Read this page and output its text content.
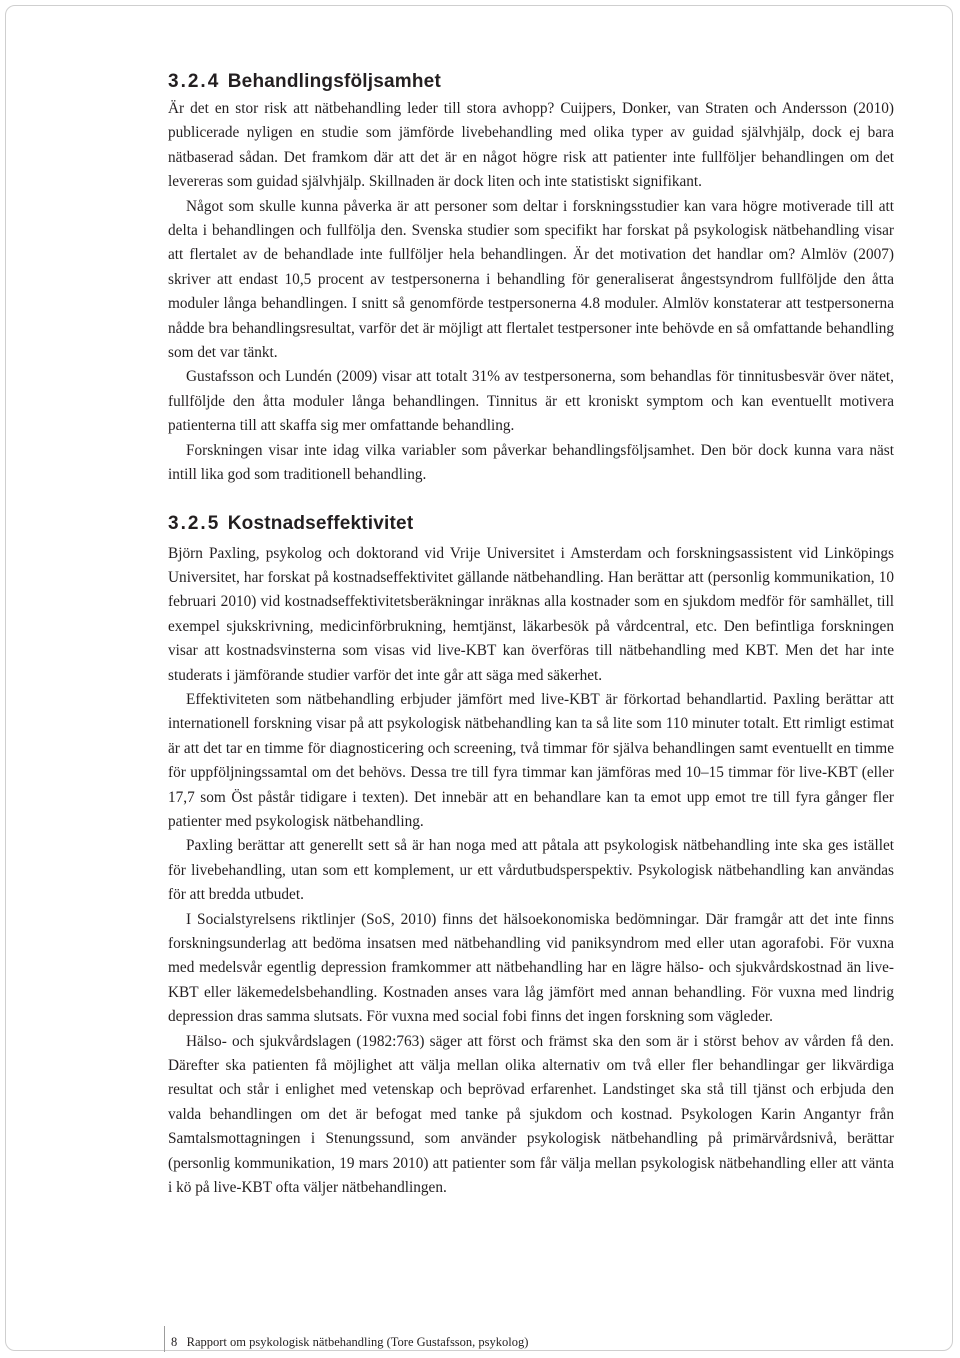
3.2.4 Behandlingsföljsamhet

Är det en stor risk att nätbehandling leder till stora avhopp? Cuijpers, Donker, van Straten och Andersson (2010) publicerade nyligen en studie som jämförde livebehandling med olika typer av guidad självhjälp, dock ej bara nätbaserad sådan. Det framkom där att det är en något högre risk att patienter inte fullföljer behandlingen om det levereras som guidad självhjälp. Skillnaden är dock liten och inte statistiskt signifikant.

Något som skulle kunna påverka är att personer som deltar i forskningsstudier kan vara högre motiverade till att delta i behandlingen och fullfölja den. Svenska studier som specifikt har forskat på psykologisk nätbehandling visar att flertalet av de behandlade inte fullföljer hela behandlingen. Är det motivation det handlar om? Almlöv (2007) skriver att endast 10,5 procent av testpersonerna i behandling för generaliserat ångestsyndrom fullföljde den åtta moduler långa behandlingen. I snitt så genomförde testpersonerna 4.8 moduler. Almlöv konstaterar att testpersonerna nådde bra behandlingsresultat, varför det är möjligt att flertalet testpersoner inte behövde en så omfattande behandling som det var tänkt.

Gustafsson och Lundén (2009) visar att totalt 31% av testpersonerna, som behandlas för tinnitusbesvär över nätet, fullföljde den åtta moduler långa behandlingen. Tinnitus är ett kroniskt symptom och kan eventuellt motivera patienterna till att skaffa sig mer omfattande behandling.

Forskningen visar inte idag vilka variabler som påverkar behandlingsföljsamhet. Den bör dock kunna vara näst intill lika god som traditionell behandling.

3.2.5 Kostnadseffektivitet

Björn Paxling, psykolog och doktorand vid Vrije Universitet i Amsterdam och forskningsassistent vid Linköpings Universitet, har forskat på kostnadseffektivitet gällande nätbehandling. Han berättar att (personlig kommunikation, 10 februari 2010) vid kostnadseffektivitetsberäkningar inräknas alla kostnader som en sjukdom medför för samhället, till exempel sjukskrivning, medicinförbrukning, hemtjänst, läkarbesök på vårdcentral, etc. Den befintliga forskningen visar att kostnadsvinsterna som visas vid live-KBT kan överföras till nätbehandling med KBT. Men det har inte studerats i jämförande studier varför det inte går att säga med säkerhet.

Effektiviteten som nätbehandling erbjuder jämfört med live-KBT är förkortad behandlartid. Paxling berättar att internationell forskning visar på att psykologisk nätbehandling kan ta så lite som 110 minuter totalt. Ett rimligt estimat är att det tar en timme för diagnosticering och screening, två timmar för själva behandlingen samt eventuellt en timme för uppföljningssamtal om det behövs. Dessa tre till fyra timmar kan jämföras med 10–15 timmar för live-KBT (eller 17,7 som Öst påstår tidigare i texten). Det innebär att en behandlare kan ta emot upp emot tre till fyra gånger fler patienter med psykologisk nätbehandling.

Paxling berättar att generellt sett så är han noga med att påtala att psykologisk nätbehandling inte ska ges istället för livebehandling, utan som ett komplement, ur ett vårdutbudsperspektiv. Psykologisk nätbehandling kan användas för att bredda utbudet.

I Socialstyrelsens riktlinjer (SoS, 2010) finns det hälsoekonomiska bedömningar. Där framgår att det inte finns forskningsunderlag att bedöma insatsen med nätbehandling vid paniksyndrom med eller utan agorafobi. För vuxna med medelsvår egentlig depression framkommer att nätbehandling har en lägre hälso- och sjukvårdskostnad än live-KBT eller läkemedelsbehandling. Kostnaden anses vara låg jämfört med annan behandling. För vuxna med lindrig depression dras samma slutsats. För vuxna med social fobi finns det ingen forskning som vägleder.

Hälso- och sjukvårdslagen (1982:763) säger att först och främst ska den som är i störst behov av vården få den. Därefter ska patienten få möjlighet att välja mellan olika alternativ om två eller fler behandlingar ger likvärdiga resultat och står i enlighet med vetenskap och beprövad erfarenhet. Landstinget ska stå till tjänst och erbjuda den valda behandlingen om det är befogat med tanke på sjukdom och kostnad. Psykologen Karin Angantyr från Samtalsmottagningen i Stenungssund, som använder psykologisk nätbehandling på primärvårdsnivå, berättar (personlig kommunikation, 19 mars 2010) att patienter som får välja mellan psykologisk nätbehandling eller att vänta i kö på live-KBT ofta väljer nätbehandlingen.

8 Rapport om psykologisk nätbehandling (Tore Gustafsson, psykolog)
